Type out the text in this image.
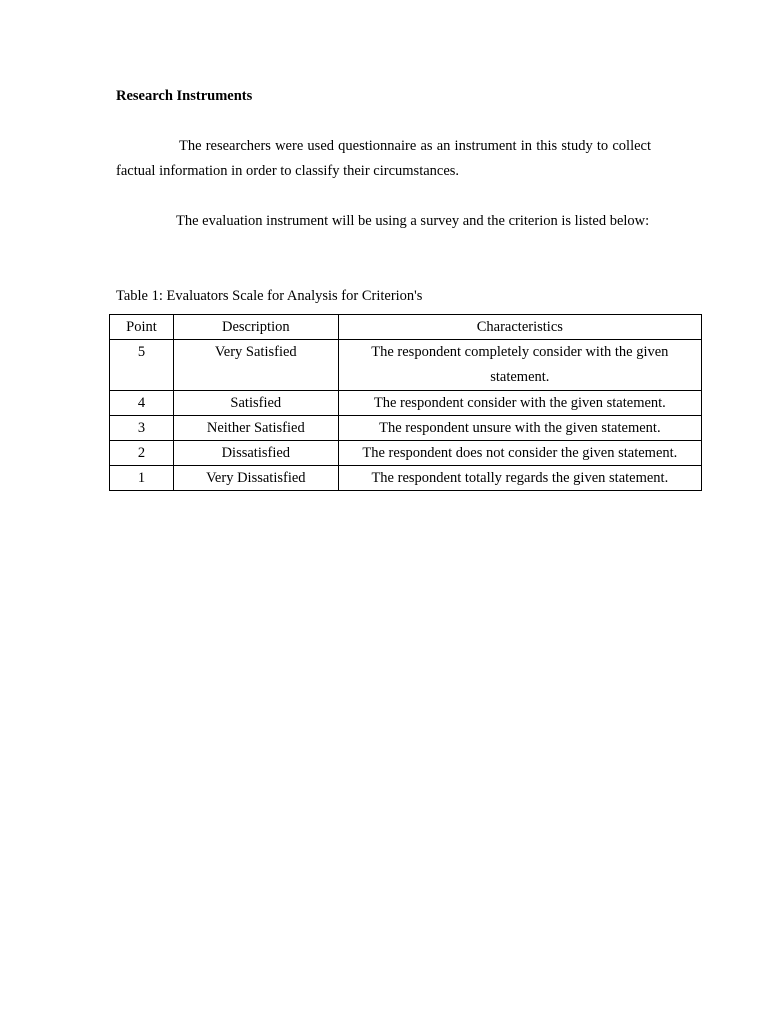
Research Instruments

The researchers were used questionnaire as an instrument in this study to collect factual information in order to classify their circumstances.

The evaluation instrument will be using a survey and the criterion is listed below:

Table 1: Evaluators Scale for Analysis for Criterion's
Point	Description	Characteristics
5	Very Satisfied	The respondent completely consider with the given statement.
4	Satisfied	The respondent consider with the given statement.
3	Neither Satisfied	The respondent unsure with the given statement.
2	Dissatisfied	The respondent does not consider the given statement.
1	Very Dissatisfied	The respondent totally regards the given statement.
